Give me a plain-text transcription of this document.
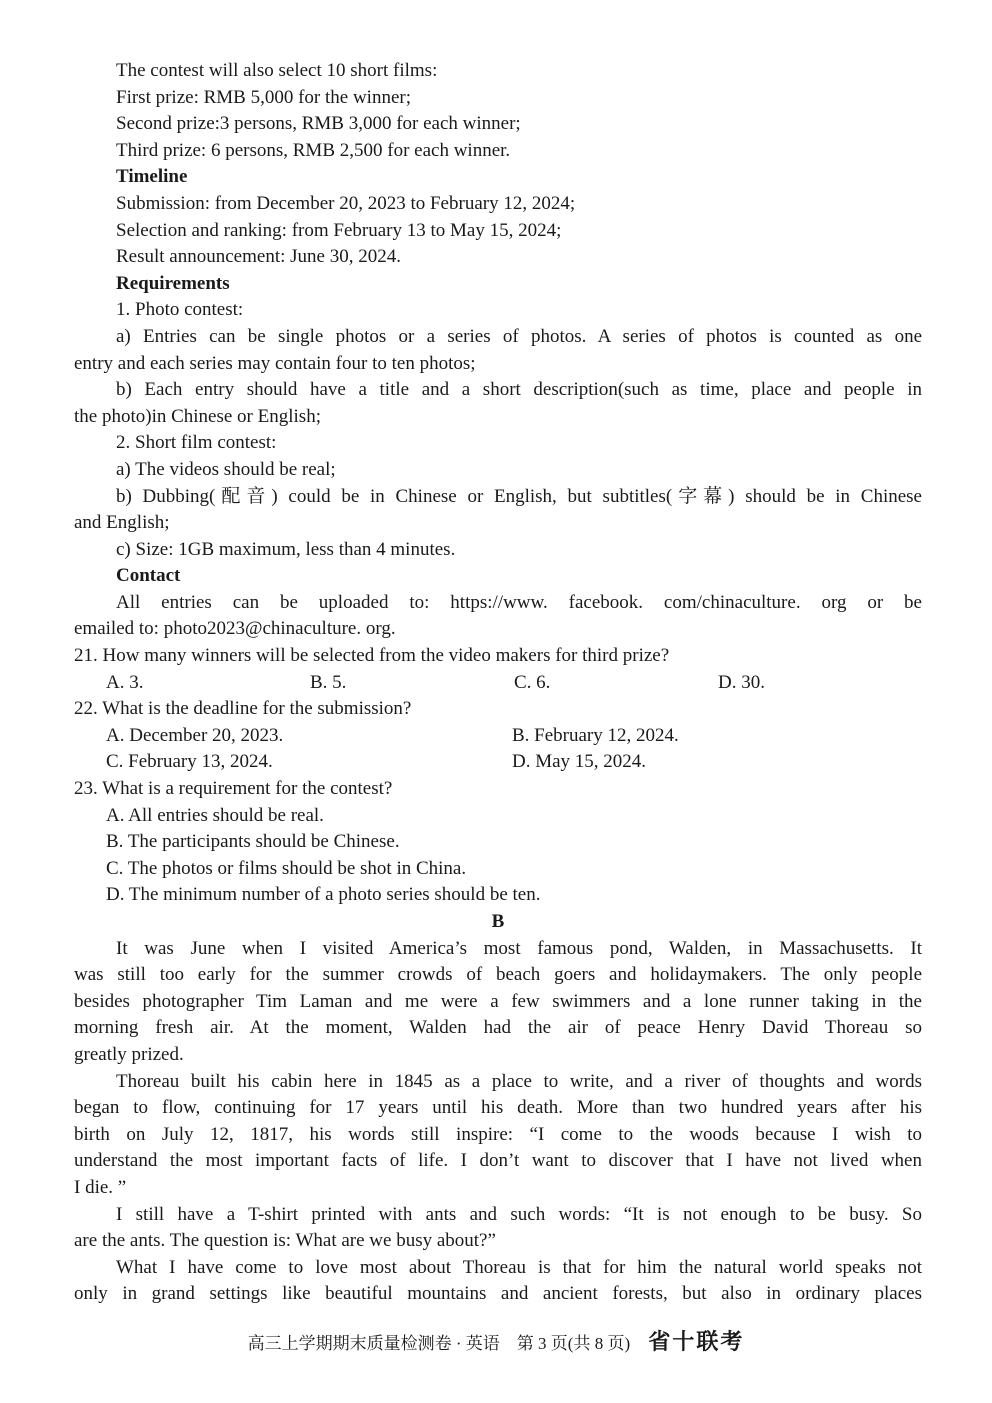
The contest will also select 10 short films:
First prize: RMB 5,000 for the winner;
Second prize:3 persons, RMB 3,000 for each winner;
Third prize: 6 persons, RMB 2,500 for each winner.
Timeline
Submission: from December 20, 2023 to February 12, 2024;
Selection and ranking: from February 13 to May 15, 2024;
Result announcement: June 30, 2024.
Requirements
1. Photo contest:
a) Entries can be single photos or a series of photos. A series of photos is counted as one
entry and each series may contain four to ten photos;
b) Each entry should have a title and a short description(such as time, place and people in
the photo)in Chinese or English;
2. Short film contest:
a) The videos should be real;
b) Dubbing(配音) could be in Chinese or English, but subtitles(字幕) should be in Chinese
and English;
c) Size: 1GB maximum, less than 4 minutes.
Contact
All entries can be uploaded to: https://www. facebook. com/chinaculture. org or be
emailed to: photo2023@chinaculture. org.
21. How many winners will be selected from the video makers for third prize?
A. 3.	B. 5.	C. 6.	D. 30.
22. What is the deadline for the submission?
A. December 20, 2023.	B. February 12, 2024.
C. February 13, 2024.	D. May 15, 2024.
23. What is a requirement for the contest?
A. All entries should be real.
B. The participants should be Chinese.
C. The photos or films should be shot in China.
D. The minimum number of a photo series should be ten.
B
It was June when I visited America’s most famous pond, Walden, in Massachusetts. It
was still too early for the summer crowds of beach goers and holidaymakers. The only people
besides photographer Tim Laman and me were a few swimmers and a lone runner taking in the
morning fresh air. At the moment, Walden had the air of peace Henry David Thoreau so
greatly prized.
Thoreau built his cabin here in 1845 as a place to write, and a river of thoughts and words
began to flow, continuing for 17 years until his death. More than two hundred years after his
birth on July 12, 1817, his words still inspire: “I come to the woods because I wish to
understand the most important facts of life. I don’t want to discover that I have not lived when
I die. ”
I still have a T-shirt printed with ants and such words: “It is not enough to be busy. So
are the ants. The question is: What are we busy about?”
What I have come to love most about Thoreau is that for him the natural world speaks not
only in grand settings like beautiful mountains and ancient forests, but also in ordinary places
高三上学期期末质量检测卷 · 英语　第 3 页(共 8 页) 省十联考
